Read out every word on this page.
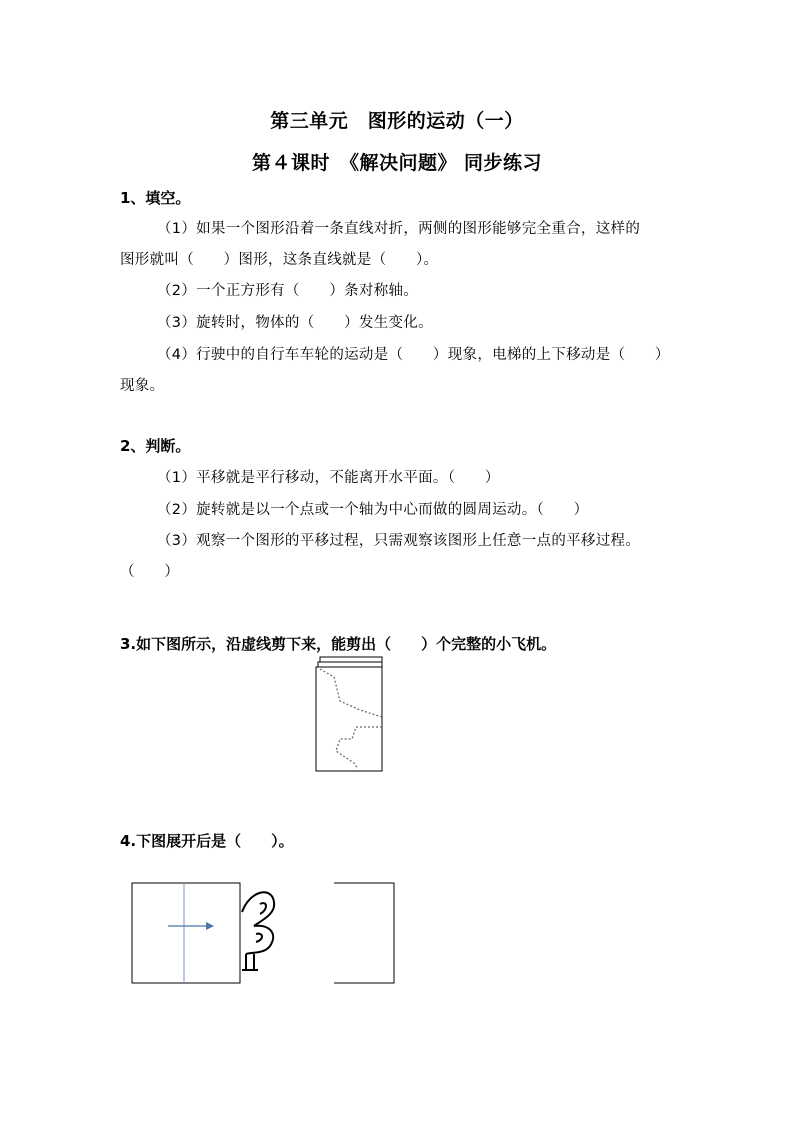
第三单元　图形的运动（一）
第４课时　《解决问题》 同步练习
1、填空。
（1）如果一个图形沿着一条直线对折，两侧的图形能够完全重合，这样的
图形就叫（　　）图形，这条直线就是（　　）。
（2）一个正方形有（　　）条对称轴。
（3）旋转时，物体的（　　）发生变化。
（4）行驶中的自行车车轮的运动是（　　）现象，电梯的上下移动是（　　）
现象。
2、判断。
（1）平移就是平行移动，不能离开水平面。（　　）
（2）旋转就是以一个点或一个轴为中心而做的圆周运动。（　　）
（3）观察一个图形的平移过程，只需观察该图形上任意一点的平移过程。
（　　）
3.如下图所示，沿虚线剪下来，能剪出（　　）个完整的小飞机。
4.下图展开后是（　　）。
